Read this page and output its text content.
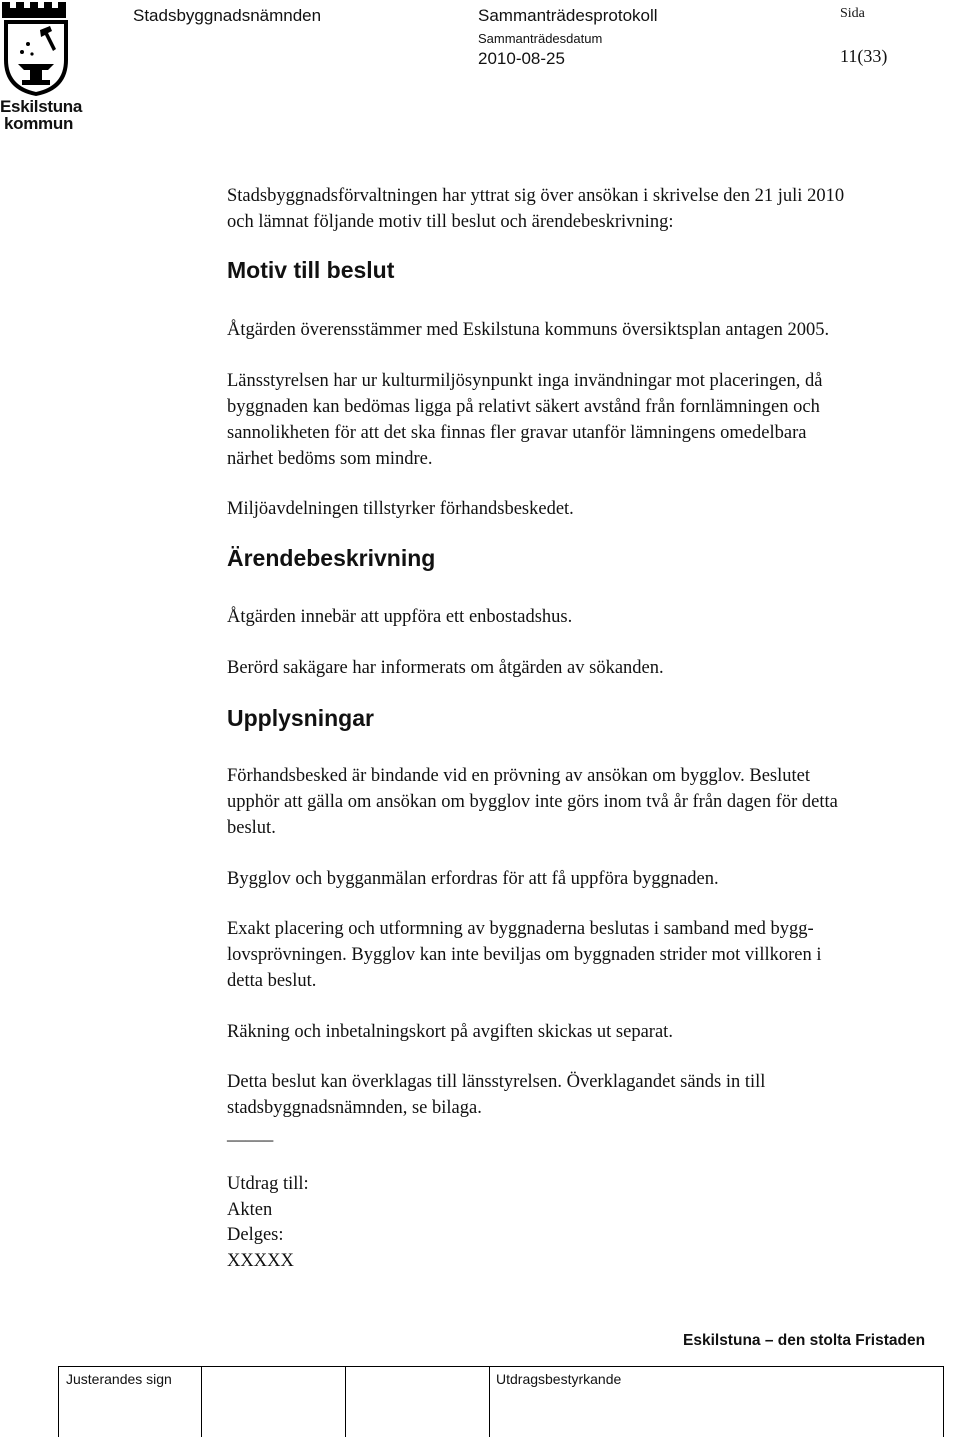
Eskilstuna
kommun
Stadsbyggnadsnämnden	Sammanträdesprotokoll
Sammanträdesdatum
2010-08-25
Sida
11(33)
Stadsbyggnadsförvaltningen har yttrat sig över ansökan i skrivelse den 21 juli 2010
och lämnat följande motiv till beslut och ärendebeskrivning:
Motiv till beslut
Åtgärden överensstämmer med Eskilstuna kommuns översiktsplan antagen 2005.
Länsstyrelsen har ur kulturmiljösynpunkt inga invändningar mot placeringen, då
byggnaden kan bedömas ligga på relativt säkert avstånd från fornlämningen och
sannolikheten för att det ska finnas fler gravar utanför lämningens omedelbara
närhet bedöms som mindre.
Miljöavdelningen tillstyrker förhandsbeskedet.
Ärendebeskrivning
Åtgärden innebär att uppföra ett enbostadshus.
Berörd sakägare har informerats om åtgärden av sökanden.
Upplysningar
Förhandsbesked är bindande vid en prövning av ansökan om bygglov. Beslutet
upphör att gälla om ansökan om bygglov inte görs inom två år från dagen för detta
beslut.
Bygglov och bygganmälan erfordras för att få uppföra byggnaden.
Exakt placering och utformning av byggnaderna beslutas i samband med bygg-
lovsprövningen. Bygglov kan inte beviljas om byggnaden strider mot villkoren i
detta beslut.
Räkning och inbetalningskort på avgiften skickas ut separat.
Detta beslut kan överklagas till länsstyrelsen. Överklagandet sänds in till
stadsbyggnadsnämnden, se bilaga.
_____
Utdrag till:
Akten
Delges:
XXXXX
Eskilstuna – den stolta Fristaden
Justerandes sign	Utdragsbestyrkande
